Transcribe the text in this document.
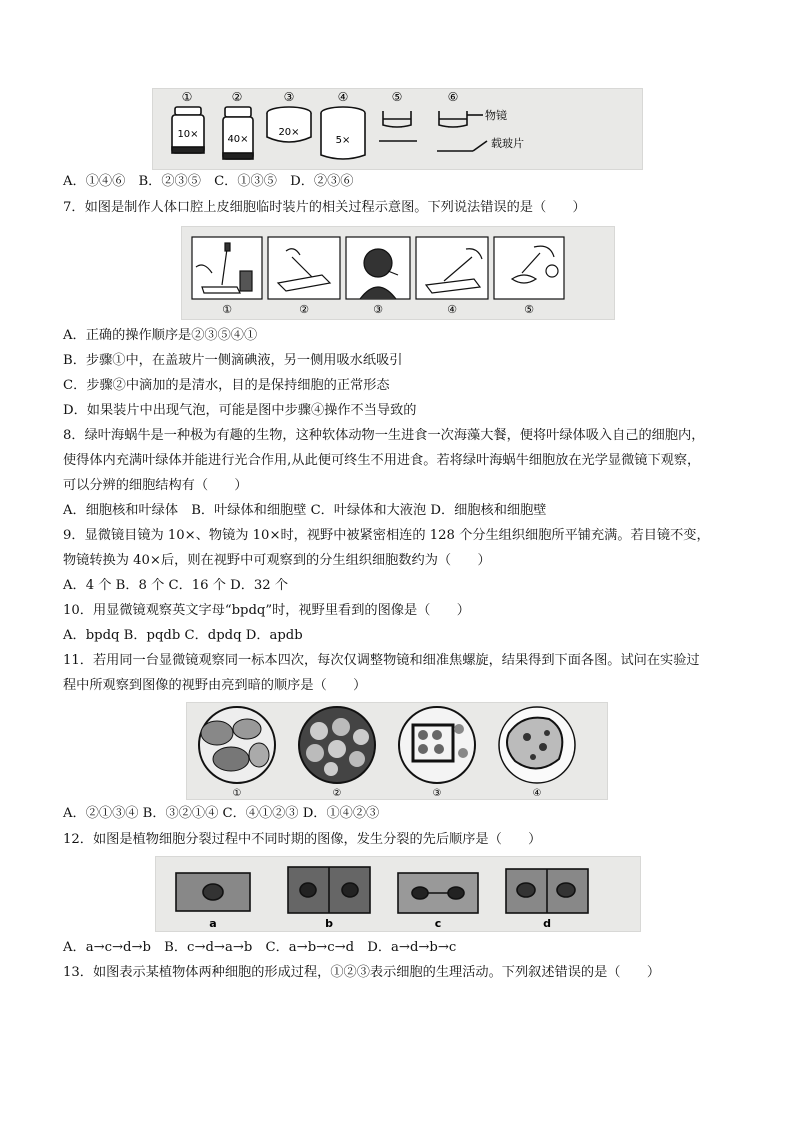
①	②	③	④	⑤	⑥
10×	40×
20×
5×
物镜
载玻片
A．①④⑥　B．②③⑤　C．①③⑤　D．②③⑥
7．如图是制作人体口腔上皮细胞临时装片的相关过程示意图。下列说法错误的是（　　）
①	②	③	④	⑤
A．正确的操作顺序是②③⑤④①
B．步骤①中，在盖玻片一侧滴碘液，另一侧用吸水纸吸引
C．步骤②中滴加的是清水，目的是保持细胞的正常形态
D．如果装片中出现气泡，可能是图中步骤④操作不当导致的
8．绿叶海蜗牛是一种极为有趣的生物，这种软体动物一生进食一次海藻大餐，便将叶绿体吸入自己的细胞内，
使得体内充满叶绿体并能进行光合作用,从此便可终生不用进食。若将绿叶海蜗牛细胞放在光学显微镜下观察，
可以分辨的细胞结构有（　　）
A．细胞核和叶绿体　B．叶绿体和细胞壁 C．叶绿体和大液泡 D．细胞核和细胞壁
9．显微镜目镜为 10×、物镜为 10×时，视野中被紧密相连的 128 个分生组织细胞所平铺充满。若目镜不变，
物镜转换为 40×后，则在视野中可观察到的分生组织细胞数约为（　　）
A．4 个 B．8 个 C．16 个 D．32 个
10．用显微镜观察英文字母“bpdq”时，视野里看到的图像是（　　）
A．bpdq B．pqdb C．dpdq D．apdb
11．若用同一台显微镜观察同一标本四次，每次仅调整物镜和细准焦螺旋，结果得到下面各图。试问在实验过
程中所观察到图像的视野由亮到暗的顺序是（　　）
①	②	③	④
A．②①③④ B．③②①④ C．④①②③ D．①④②③
12．如图是植物细胞分裂过程中不同时期的图像，发生分裂的先后顺序是（　　）
a	b	c	d
A．a→c→d→b　B．c→d→a→b　C．a→b→c→d　D．a→d→b→c
13．如图表示某植物体两种细胞的形成过程，①②③表示细胞的生理活动。下列叙述错误的是（　　）
